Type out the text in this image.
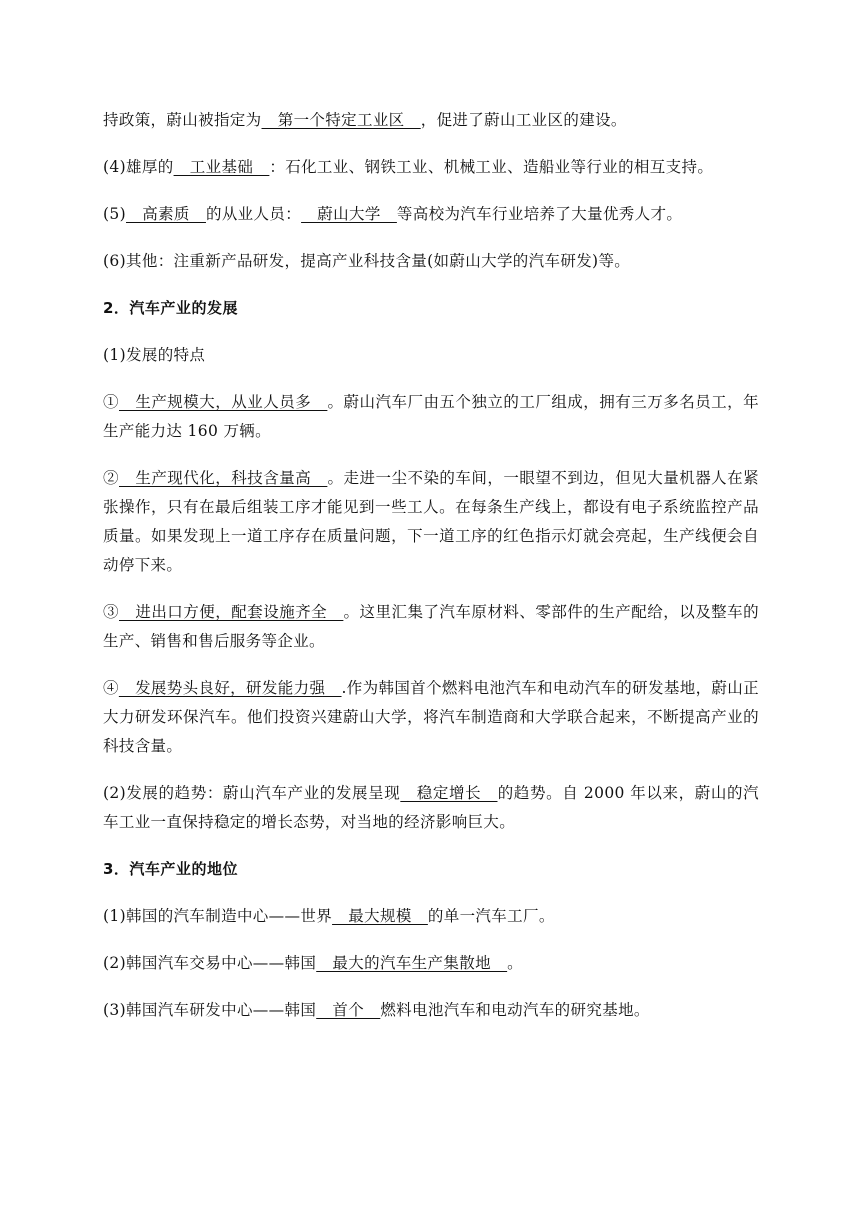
持政策，蔚山被指定为  第一个特定工业区  ，促进了蔚山工业区的建设。
(4)雄厚的  工业基础  ：石化工业、钢铁工业、机械工业、造船业等行业的相互支持。
(5)  高素质  的从业人员：  蔚山大学  等高校为汽车行业培养了大量优秀人才。
(6)其他：注重新产品研发，提高产业科技含量(如蔚山大学的汽车研发)等。
2．汽车产业的发展
(1)发展的特点
①  生产规模大，从业人员多  。蔚山汽车厂由五个独立的工厂组成，拥有三万多名员工，年生产能力达 160 万辆。
②  生产现代化，科技含量高  。走进一尘不染的车间，一眼望不到边，但见大量机器人在紧张操作，只有在最后组装工序才能见到一些工人。在每条生产线上，都设有电子系统监控产品质量。如果发现上一道工序存在质量问题，下一道工序的红色指示灯就会亮起，生产线便会自动停下来。
③  进出口方便，配套设施齐全  。这里汇集了汽车原材料、零部件的生产配给，以及整车的生产、销售和售后服务等企业。
④  发展势头良好，研发能力强  .作为韩国首个燃料电池汽车和电动汽车的研发基地，蔚山正大力研发环保汽车。他们投资兴建蔚山大学，将汽车制造商和大学联合起来，不断提高产业的科技含量。
(2)发展的趋势：蔚山汽车产业的发展呈现  稳定增长  的趋势。自 2000 年以来，蔚山的汽车工业一直保持稳定的增长态势，对当地的经济影响巨大。
3．汽车产业的地位
(1)韩国的汽车制造中心——世界  最大规模  的单一汽车工厂。
(2)韩国汽车交易中心——韩国  最大的汽车生产集散地  。
(3)韩国汽车研发中心——韩国  首个  燃料电池汽车和电动汽车的研究基地。
